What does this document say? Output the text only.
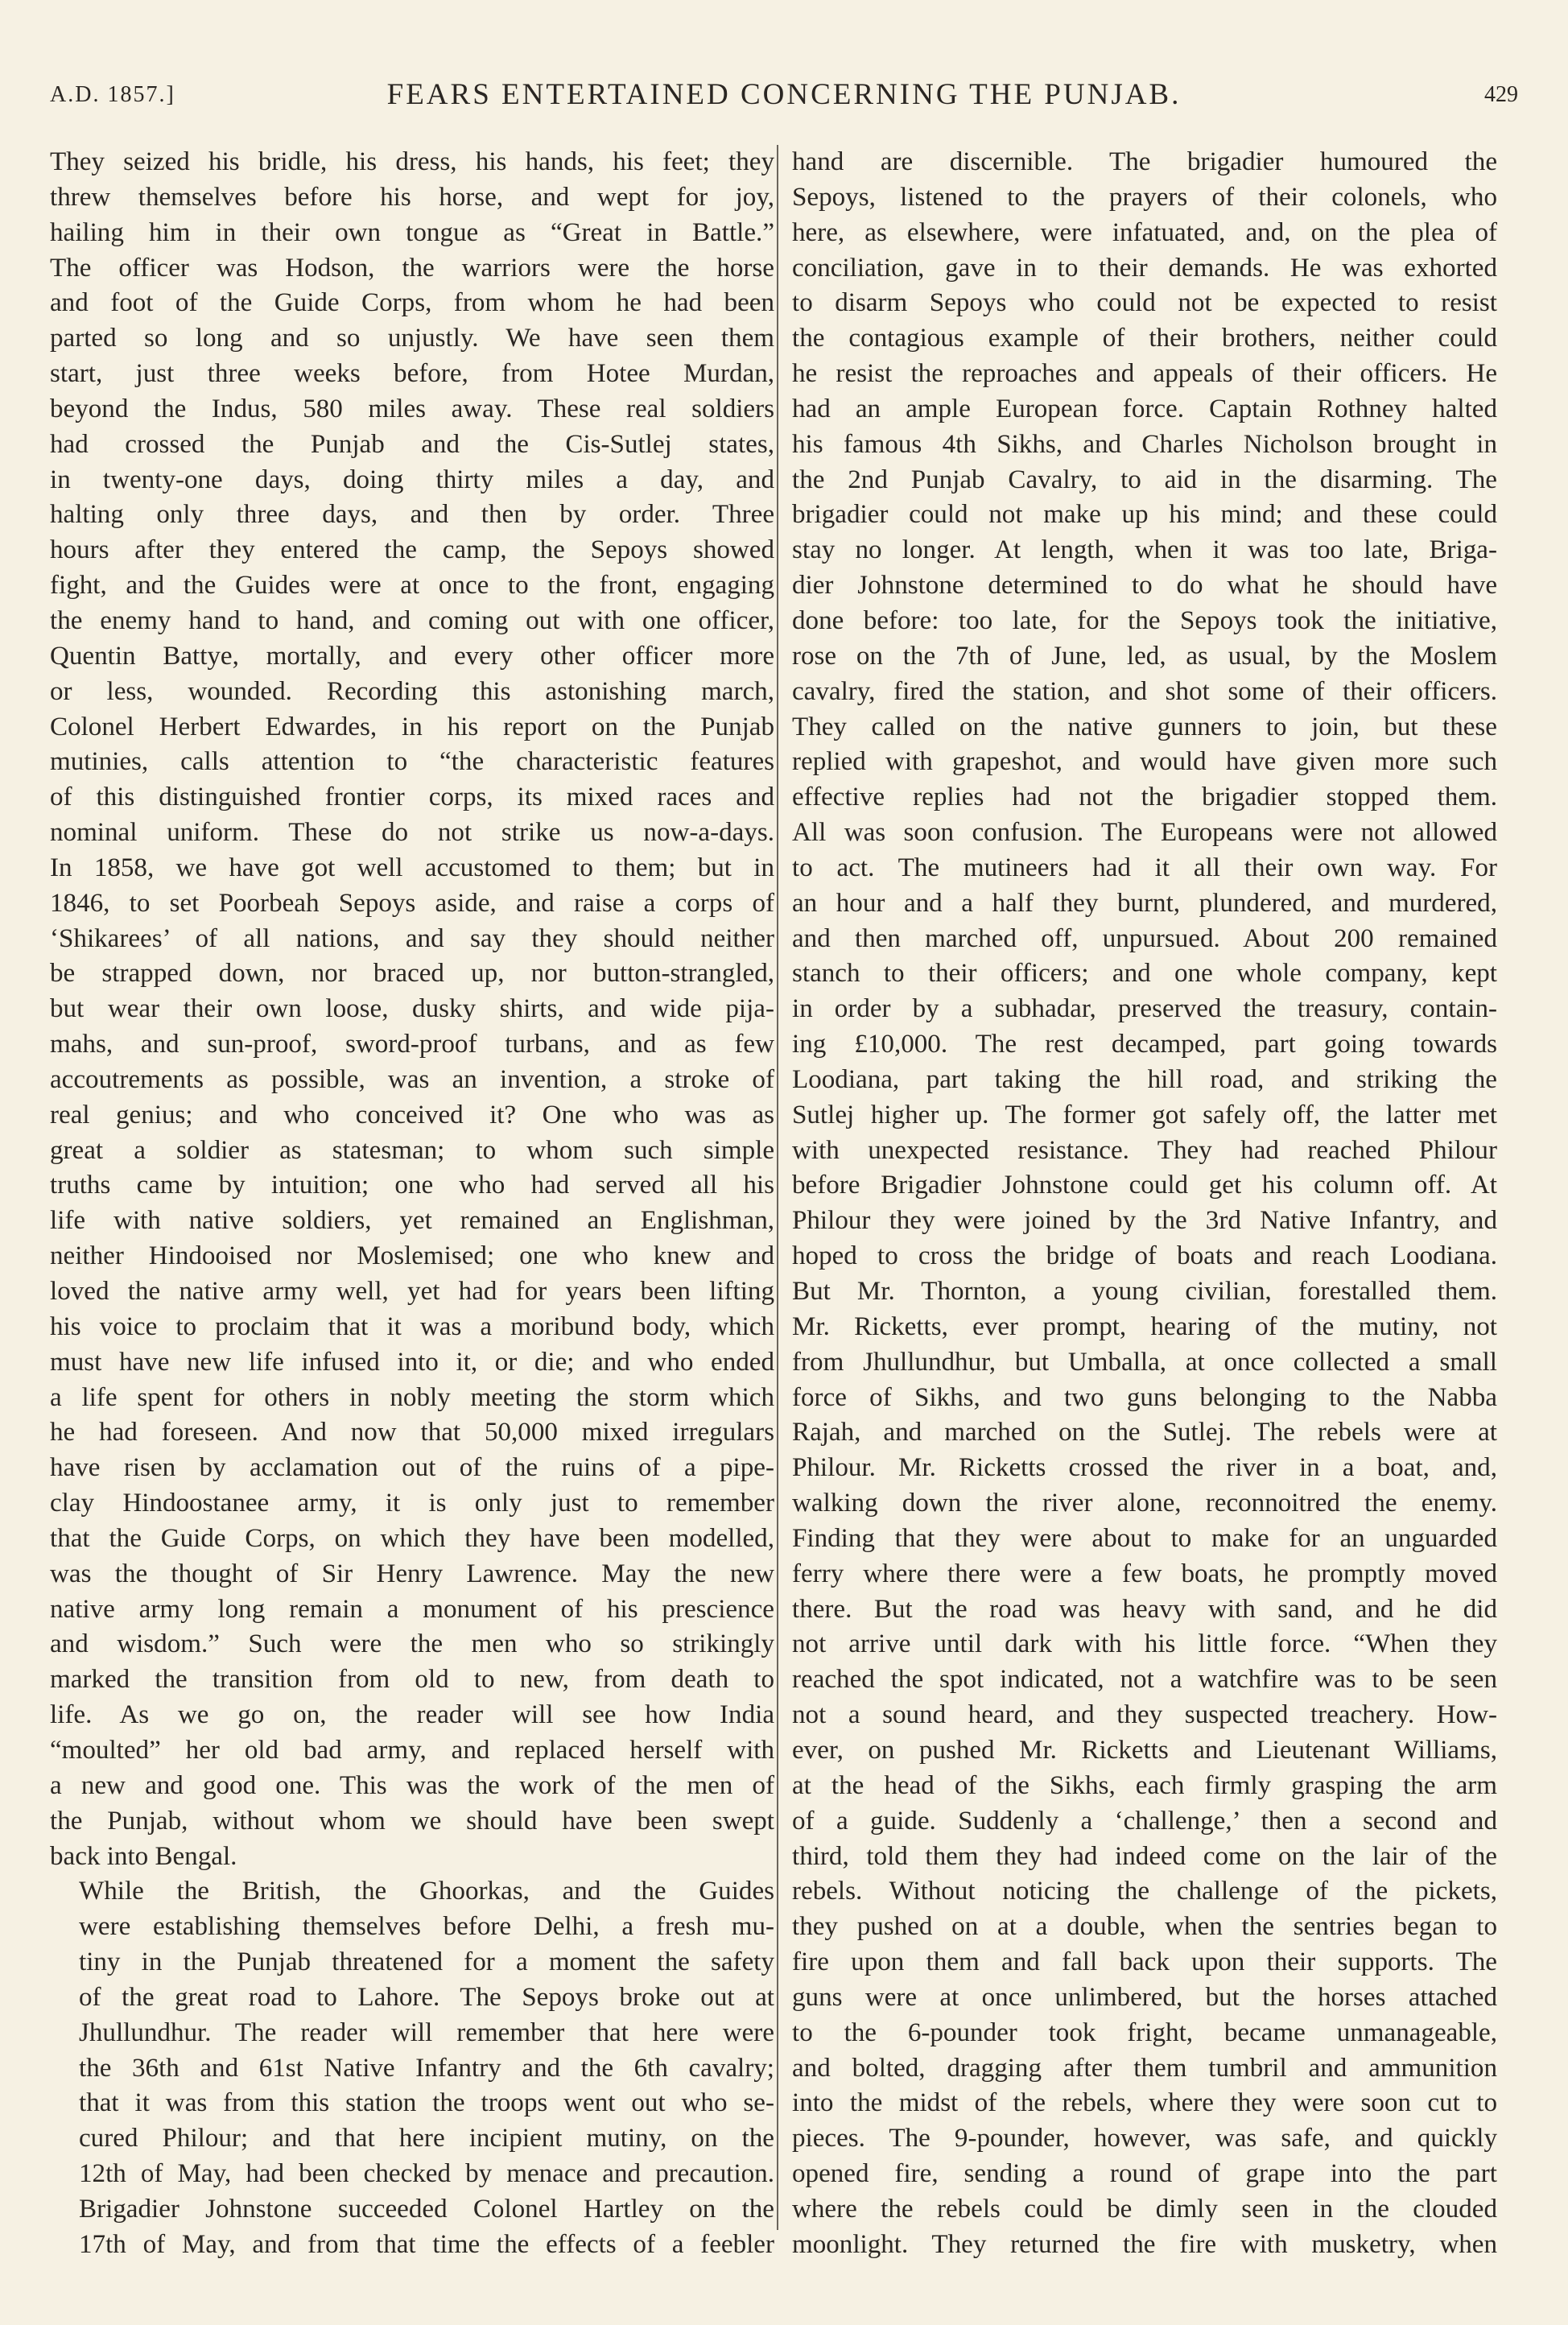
A.D. 1857.]	FEARS ENTERTAINED CONCERNING THE PUNJAB.	429

They seized his bridle, his dress, his hands, his feet; they
threw themselves before his horse, and wept for joy,
hailing him in their own tongue as “Great in Battle.”
The officer was Hodson, the warriors were the horse
and foot of the Guide Corps, from whom he had been
parted so long and so unjustly. We have seen them
start, just three weeks before, from Hotee Murdan,
beyond the Indus, 580 miles away. These real soldiers
had crossed the Punjab and the Cis-Sutlej states,
in twenty-one days, doing thirty miles a day, and
halting only three days, and then by order. Three
hours after they entered the camp, the Sepoys showed
fight, and the Guides were at once to the front, engaging
the enemy hand to hand, and coming out with one officer,
Quentin Battye, mortally, and every other officer more
or less, wounded. Recording this astonishing march,
Colonel Herbert Edwardes, in his report on the Punjab
mutinies, calls attention to “the characteristic features
of this distinguished frontier corps, its mixed races and
nominal uniform. These do not strike us now-a-days.
In 1858, we have got well accustomed to them; but in
1846, to set Poorbeah Sepoys aside, and raise a corps of
‘Shikarees’ of all nations, and say they should neither
be strapped down, nor braced up, nor button-strangled,
but wear their own loose, dusky shirts, and wide pija-
mahs, and sun-proof, sword-proof turbans, and as few
accoutrements as possible, was an invention, a stroke of
real genius; and who conceived it? One who was as
great a soldier as statesman; to whom such simple
truths came by intuition; one who had served all his
life with native soldiers, yet remained an Englishman,
neither Hindooised nor Moslemised; one who knew and
loved the native army well, yet had for years been lifting
his voice to proclaim that it was a moribund body, which
must have new life infused into it, or die; and who ended
a life spent for others in nobly meeting the storm which
he had foreseen. And now that 50,000 mixed irregulars
have risen by acclamation out of the ruins of a pipe-
clay Hindoostanee army, it is only just to remember
that the Guide Corps, on which they have been modelled,
was the thought of Sir Henry Lawrence. May the new
native army long remain a monument of his prescience
and wisdom.” Such were the men who so strikingly
marked the transition from old to new, from death to
life. As we go on, the reader will see how India
“moulted” her old bad army, and replaced herself with
a new and good one. This was the work of the men of
the Punjab, without whom we should have been swept
back into Bengal.

While the British, the Ghoorkas, and the Guides
were establishing themselves before Delhi, a fresh mu-
tiny in the Punjab threatened for a moment the safety
of the great road to Lahore. The Sepoys broke out at
Jhullundhur. The reader will remember that here were
the 36th and 61st Native Infantry and the 6th cavalry;
that it was from this station the troops went out who se-
cured Philour; and that here incipient mutiny, on the
12th of May, had been checked by menace and precaution.
Brigadier Johnstone succeeded Colonel Hartley on the
17th of May, and from that time the effects of a feebler

hand are discernible. The brigadier humoured the
Sepoys, listened to the prayers of their colonels, who
here, as elsewhere, were infatuated, and, on the plea of
conciliation, gave in to their demands. He was exhorted
to disarm Sepoys who could not be expected to resist
the contagious example of their brothers, neither could
he resist the reproaches and appeals of their officers. He
had an ample European force. Captain Rothney halted
his famous 4th Sikhs, and Charles Nicholson brought in
the 2nd Punjab Cavalry, to aid in the disarming. The
brigadier could not make up his mind; and these could
stay no longer. At length, when it was too late, Briga-
dier Johnstone determined to do what he should have
done before: too late, for the Sepoys took the initiative,
rose on the 7th of June, led, as usual, by the Moslem
cavalry, fired the station, and shot some of their officers.
They called on the native gunners to join, but these
replied with grapeshot, and would have given more such
effective replies had not the brigadier stopped them.
All was soon confusion. The Europeans were not allowed
to act. The mutineers had it all their own way. For
an hour and a half they burnt, plundered, and murdered,
and then marched off, unpursued. About 200 remained
stanch to their officers; and one whole company, kept
in order by a subhadar, preserved the treasury, contain-
ing £10,000. The rest decamped, part going towards
Loodiana, part taking the hill road, and striking the
Sutlej higher up. The former got safely off, the latter met
with unexpected resistance. They had reached Philour
before Brigadier Johnstone could get his column off. At
Philour they were joined by the 3rd Native Infantry, and
hoped to cross the bridge of boats and reach Loodiana.
But Mr. Thornton, a young civilian, forestalled them.
Mr. Ricketts, ever prompt, hearing of the mutiny, not
from Jhullundhur, but Umballa, at once collected a small
force of Sikhs, and two guns belonging to the Nabba
Rajah, and marched on the Sutlej. The rebels were at
Philour. Mr. Ricketts crossed the river in a boat, and,
walking down the river alone, reconnoitred the enemy.
Finding that they were about to make for an unguarded
ferry where there were a few boats, he promptly moved
there. But the road was heavy with sand, and he did
not arrive until dark with his little force. “When they
reached the spot indicated, not a watchfire was to be seen
not a sound heard, and they suspected treachery. How-
ever, on pushed Mr. Ricketts and Lieutenant Williams,
at the head of the Sikhs, each firmly grasping the arm
of a guide. Suddenly a ‘challenge,’ then a second and
third, told them they had indeed come on the lair of the
rebels. Without noticing the challenge of the pickets,
they pushed on at a double, when the sentries began to
fire upon them and fall back upon their supports. The
guns were at once unlimbered, but the horses attached
to the 6-pounder took fright, became unmanageable,
and bolted, dragging after them tumbril and ammunition
into the midst of the rebels, where they were soon cut to
pieces. The 9-pounder, however, was safe, and quickly
opened fire, sending a round of grape into the part
where the rebels could be dimly seen in the clouded
moonlight. They returned the fire with musketry, when
